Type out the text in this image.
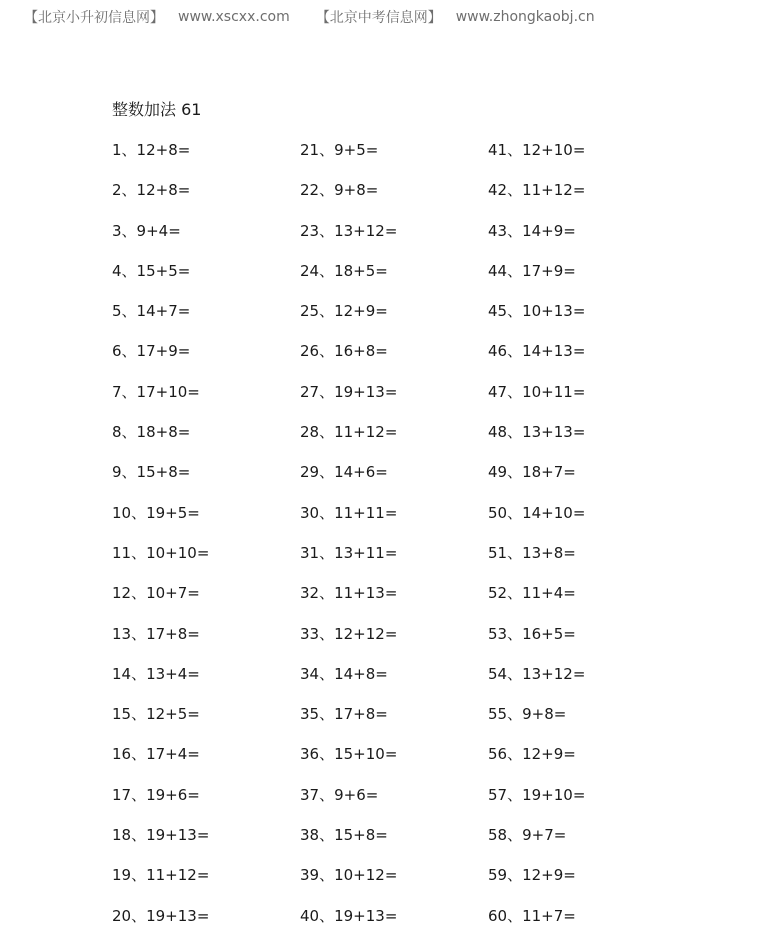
【北京小升初信息网】 www.xscxx.com 【北京中考信息网】 www.zhongkaobj.cn
整数加法 61
1、12+8=
2、12+8=
3、9+4=
4、15+5=
5、14+7=
6、17+9=
7、17+10=
8、18+8=
9、15+8=
10、19+5=
11、10+10=
12、10+7=
13、17+8=
14、13+4=
15、12+5=
16、17+4=
17、19+6=
18、19+13=
19、11+12=
20、19+13=
21、9+5=
22、9+8=
23、13+12=
24、18+5=
25、12+9=
26、16+8=
27、19+13=
28、11+12=
29、14+6=
30、11+11=
31、13+11=
32、11+13=
33、12+12=
34、14+8=
35、17+8=
36、15+10=
37、9+6=
38、15+8=
39、10+12=
40、19+13=
41、12+10=
42、11+12=
43、14+9=
44、17+9=
45、10+13=
46、14+13=
47、10+11=
48、13+13=
49、18+7=
50、14+10=
51、13+8=
52、11+4=
53、16+5=
54、13+12=
55、9+8=
56、12+9=
57、19+10=
58、9+7=
59、12+9=
60、11+7=
